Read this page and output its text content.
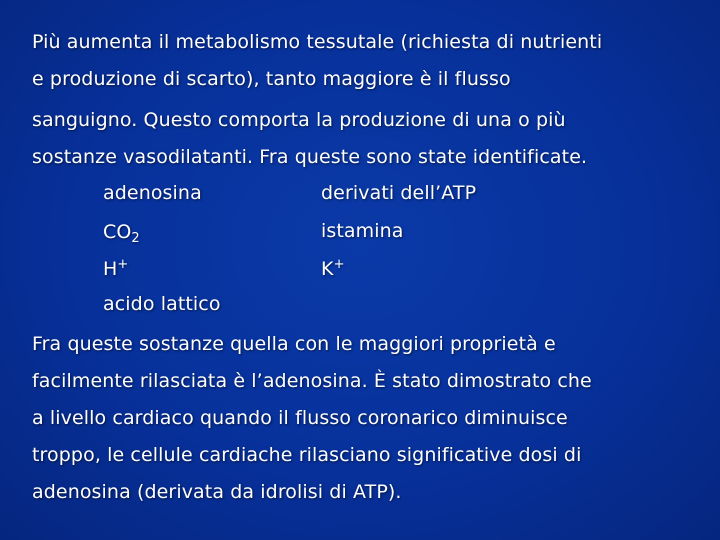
Più aumenta il metabolismo tessutale (richiesta di nutrienti
e produzione di scarto), tanto maggiore è il flusso
sanguigno. Questo comporta la produzione di una o più
sostanze vasodilatanti. Fra queste sono state identificate.
adenosina	derivati dell’ATP
$CO_2$	istamina
H+	K+
acido lattico
Fra queste sostanze quella con le maggiori proprietà e
facilmente rilasciata è l’adenosina. È stato dimostrato che
a livello cardiaco quando il flusso coronarico diminuisce
troppo, le cellule cardiache rilasciano significative dosi di
adenosina (derivata da idrolisi di ATP).
